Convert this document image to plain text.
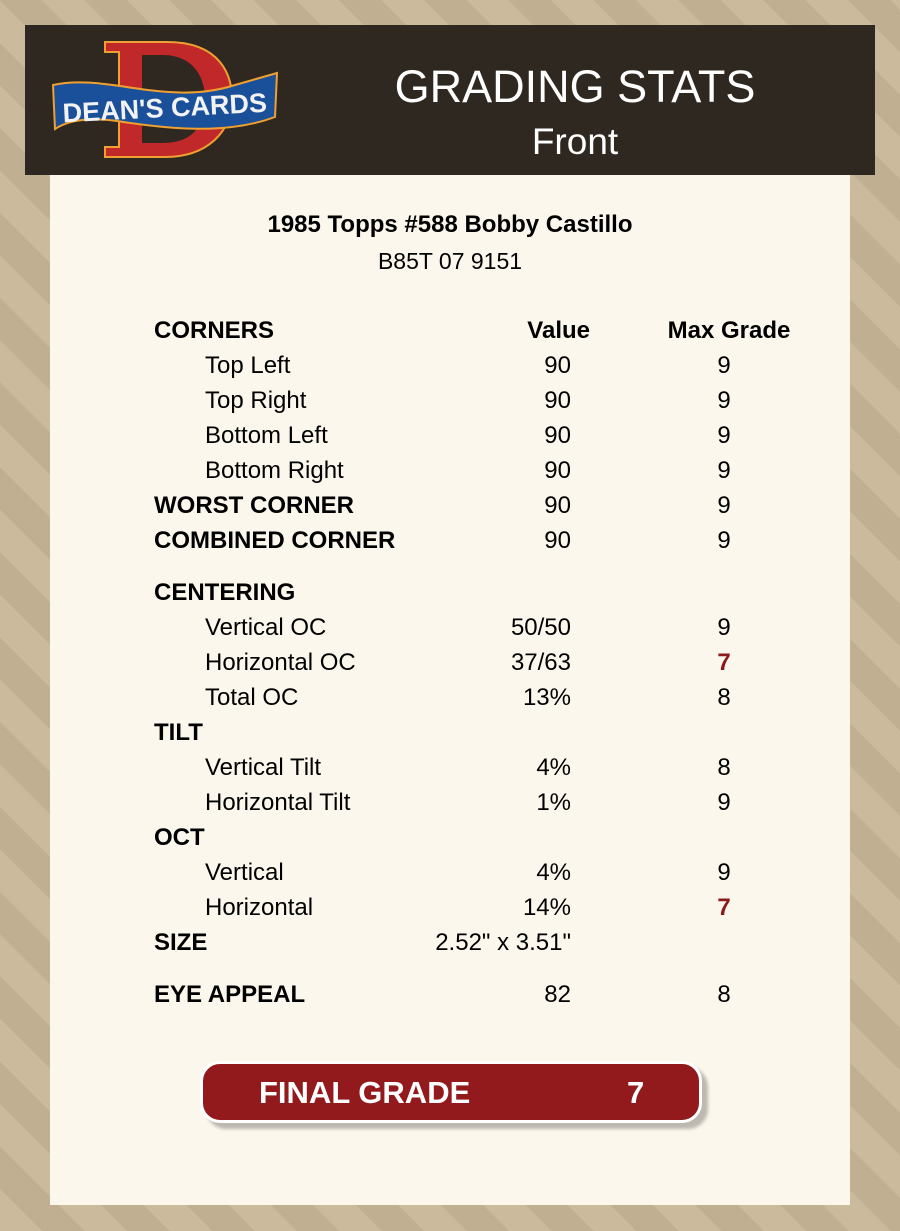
DEAN'S CARDS	GRADING STATS
Front
1985 Topps #588 Bobby Castillo
B85T 07 9151
CORNERS	Value	Max Grade
Top Left	90	9
Top Right	90	9
Bottom Left	90	9
Bottom Right	90	9
WORST CORNER	90	9
COMBINED CORNER	90	9
CENTERING
Vertical OC	50/50	9
Horizontal OC	37/63	7
Total OC	13%	8
TILT
Vertical Tilt	4%	8
Horizontal Tilt	1%	9
OCT
Vertical	4%	9
Horizontal	14%	7
SIZE	2.52" x 3.51"
EYE APPEAL	82	8
FINAL GRADE	7
